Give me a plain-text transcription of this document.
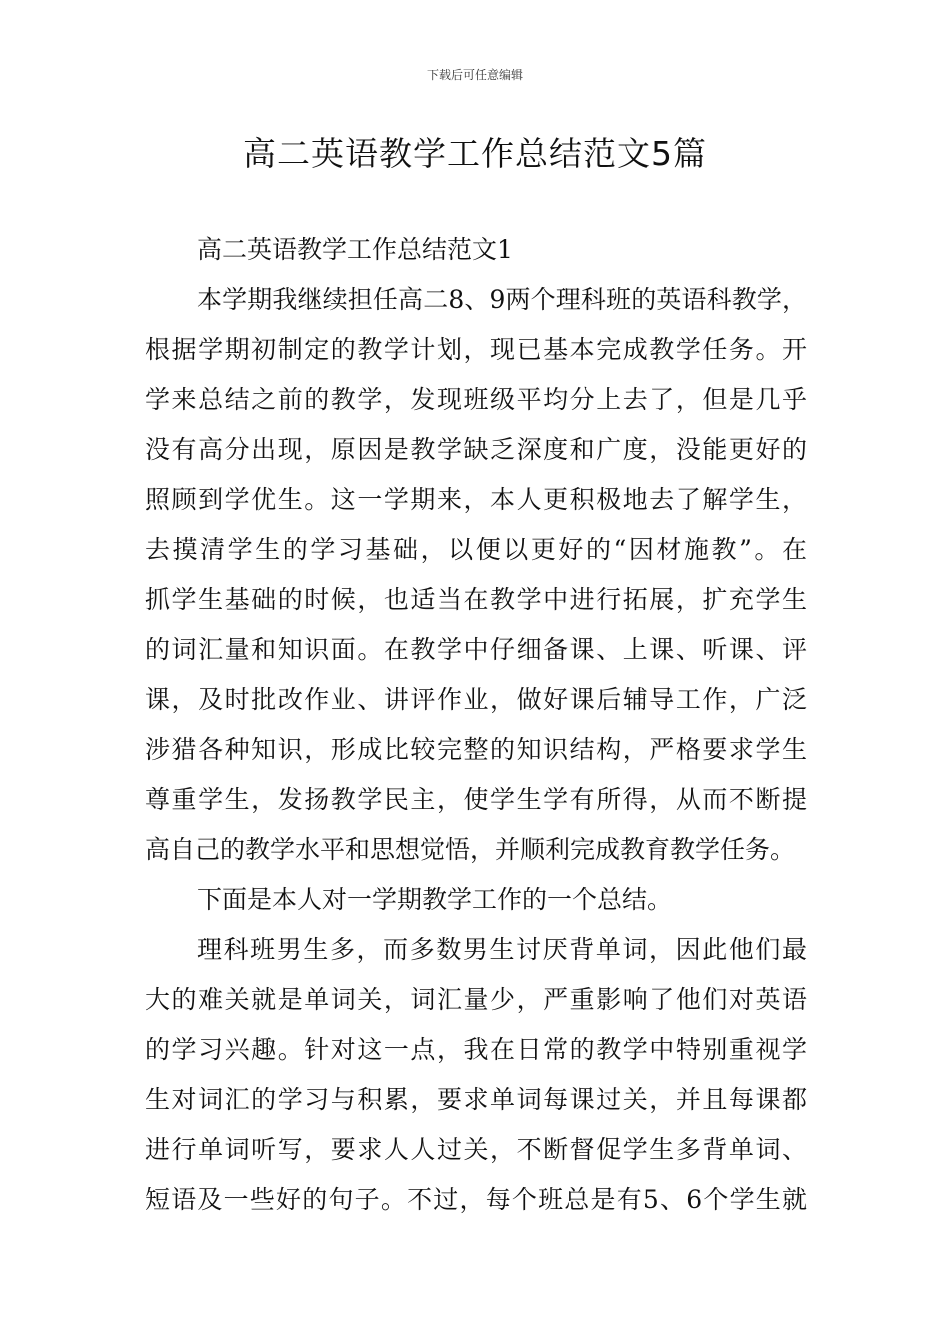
下载后可任意编辑
高二英语教学工作总结范文5篇
高二英语教学工作总结范文1
本学期我继续担任高二8、9两个理科班的英语科教学，
根据学期初制定的教学计划，现已基本完成教学任务。开
学来总结之前的教学，发现班级平均分上去了，但是几乎
没有高分出现，原因是教学缺乏深度和广度，没能更好的
照顾到学优生。这一学期来，本人更积极地去了解学生，
去摸清学生的学习基础，以便以更好的“因材施教”。在
抓学生基础的时候，也适当在教学中进行拓展，扩充学生
的词汇量和知识面。在教学中仔细备课、上课、听课、评
课，及时批改作业、讲评作业，做好课后辅导工作，广泛
涉猎各种知识，形成比较完整的知识结构，严格要求学生
尊重学生，发扬教学民主，使学生学有所得，从而不断提
高自己的教学水平和思想觉悟，并顺利完成教育教学任务。
下面是本人对一学期教学工作的一个总结。
理科班男生多，而多数男生讨厌背单词，因此他们最
大的难关就是单词关，词汇量少，严重影响了他们对英语
的学习兴趣。针对这一点，我在日常的教学中特别重视学
生对词汇的学习与积累，要求单词每课过关，并且每课都
进行单词听写，要求人人过关，不断督促学生多背单词、
短语及一些好的句子。不过，每个班总是有5、6个学生就
